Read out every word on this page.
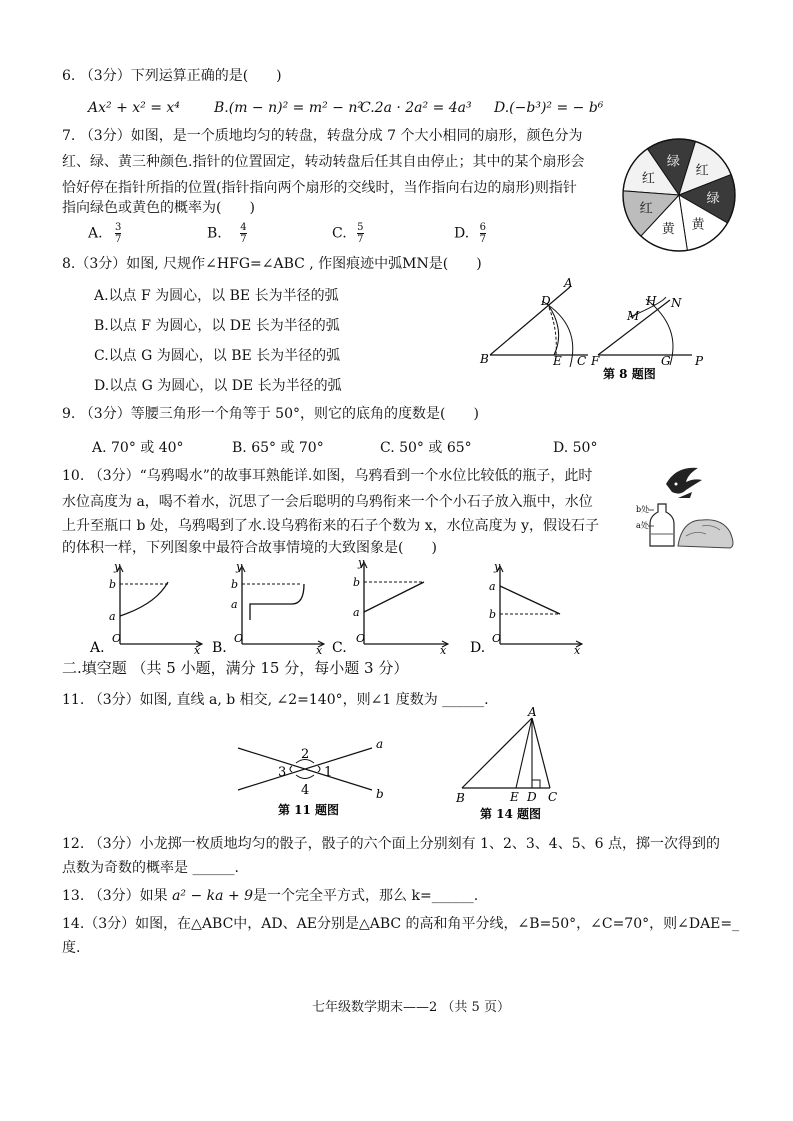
6. （3分）下列运算正确的是(　　)
Ax² + x² = x⁴ B.(m − n)² = m² − n²
C.2a · 2a² = 4a³ D.(−b³)² = − b⁶
7. （3分）如图，是一个质地均匀的转盘，转盘分成 7 个大小相同的扇形，颜色分为
红、绿、黄三种颜色.指针的位置固定，转动转盘后任其自由停止；其中的某个扇形会
恰好停在指针所指的位置(指针指向两个扇形的交线时，当作指向右边的扇形)则指针
指向绿色或黄色的概率为(　　)
A. $\frac{3}{7}$	B. $\frac{4}{7}$	C. $\frac{5}{7}$	D. $\frac{6}{7}$
红
绿
红
绿
黄
黄
红
8.（3分）如图, 尺规作∠HFG=∠ABC , 作图痕迹中弧MN是(　　)
A.以点 F 为圆心，以 BE 长为半径的弧
B.以点 F 为圆心，以 DE 长为半径的弧
C.以点 G 为圆心，以 BE 长为半径的弧
D.以点 G 为圆心，以 DE 长为半径的弧
A
D
B	E C F
H N
M
G P
第 8 题图
9. （3分）等腰三角形一个角等于 50°，则它的底角的度数是(　　)
A. 70° 或 40°	B. 65° 或 70°	C. 50° 或 65°	D. 50°
10. （3分）“乌鸦喝水”的故事耳熟能详.如图，乌鸦看到一个水位比较低的瓶子，此时
水位高度为 a，喝不着水，沉思了一会后聪明的乌鸦衔来一个个小石子放入瓶中，水位
上升至瓶口 b 处，乌鸦喝到了水.设乌鸦衔来的石子个数为 x，水位高度为 y，假设石子
的体积一样，下列图象中最符合故事情境的大致图象是(　　)
b处
a处
y
b
a
O
x
A.
y
b
a
O
x
B.
y
b
a
O
x
C.
y
a
b
O
x
D.
二.填空题 （共 5 小题，满分 15 分，每小题 3 分）
11. （3分）如图, 直线 a, b 相交, ∠2=140°，则∠1 度数为 ______.
a
b
2
4
3	1
第 11 题图
A
B	E D C
第 14 题图
12. （3分）小龙掷一枚质地均匀的骰子，骰子的六个面上分别刻有 1、2、3、4、5、6 点，掷一次得到的
点数为奇数的概率是 ______.
13. （3分）如果 a² − ka + 9是一个完全平方式，那么 k=______.
14.（3分）如图，在△ABC中，AD、AE分别是△ABC 的高和角平分线，∠B=50°，∠C=70°，则∠DAE=_
度.
七年级数学期末——2 （共 5 页）
